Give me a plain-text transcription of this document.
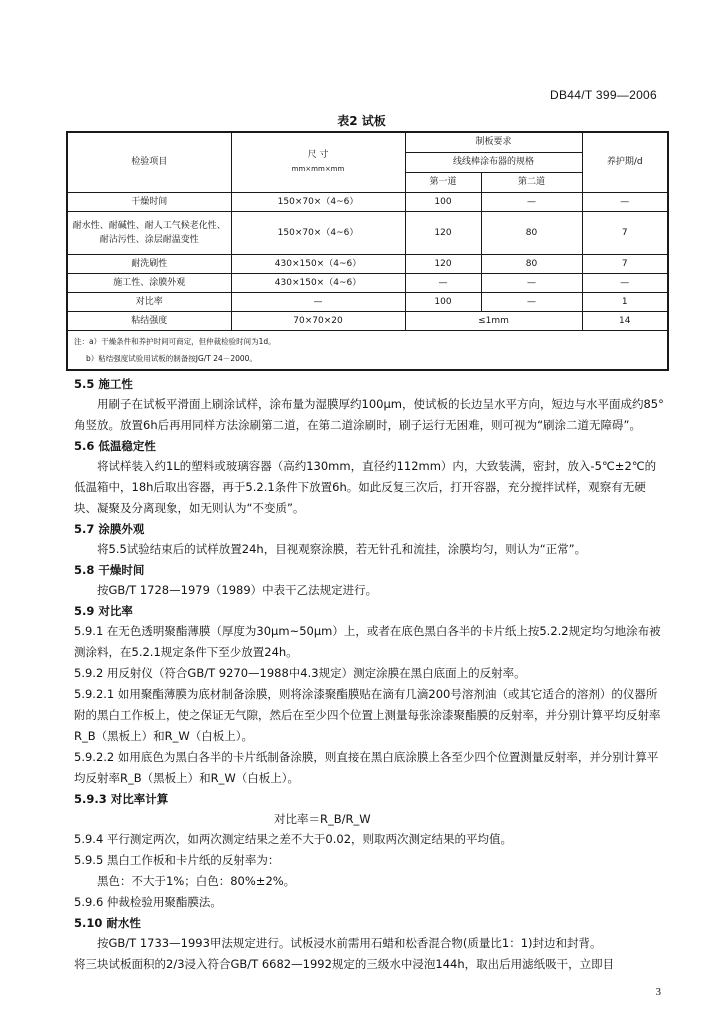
DB44/T 399—2006
表2 试板
检验项目	尺 寸
mm×mm×mm	制板要求		养护期/d
		线线棒涂布器的规格		
		第一道	第二道	
干燥时间	150×70×（4~6）	100	—	—
耐水性、耐碱性、耐人工气候老化性、耐沾污性、涂层耐温变性	150×70×（4~6）	120	80	7
耐洗刷性	430×150×（4~6）	120	80	7
施工性、涂膜外观	430×150×（4~6）	—	—	—
对比率	—	100	—	1
粘结强度	70×70×20	≤1mm		14

注：a）干燥条件和养护时间可商定，但仲裁检验时间为1d。
b）粘结强度试验用试板的制备按JG/T 24－2000。				

5.5 施工性

用刷子在试板平滑面上刷涂试样，涂布量为湿膜厚约100μm，使试板的长边呈水平方向，短边与水平面成约85°角竖放。放置6h后再用同样方法涂刷第二道，在第二道涂刷时，刷子运行无困难，则可视为“刷涂二道无障碍”。

5.6 低温稳定性

将试样装入约1L的塑料或玻璃容器（高约130mm，直径约112mm）内，大致装满，密封，放入-5℃±2℃的低温箱中，18h后取出容器，再于5.2.1条件下放置6h。如此反复三次后，打开容器，充分搅拌试样，观察有无硬块、凝聚及分离现象，如无则认为“不变质”。

5.7 涂膜外观

将5.5试验结束后的试样放置24h，目视观察涂膜，若无针孔和流挂，涂膜均匀，则认为“正常”。

5.8 干燥时间

按GB/T 1728—1979（1989）中表干乙法规定进行。

5.9 对比率

5.9.1 在无色透明聚酯薄膜（厚度为30μm~50μm）上，或者在底色黑白各半的卡片纸上按5.2.2规定均匀地涂布被测涂料，在5.2.1规定条件下至少放置24h。

5.9.2 用反射仪（符合GB/T 9270—1988中4.3规定）测定涂膜在黑白底面上的反射率。

5.9.2.1 如用聚酯薄膜为底材制备涂膜，则将涂漆聚酯膜贴在滴有几滴200号溶剂油（或其它适合的溶剂）的仪器所附的黑白工作板上，使之保证无气隙，然后在至少四个位置上测量每张涂漆聚酯膜的反射率，并分别计算平均反射率R_B（黑板上）和R_W（白板上）。

5.9.2.2 如用底色为黑白各半的卡片纸制备涂膜，则直接在黑白底涂膜上各至少四个位置测量反射率，并分别计算平均反射率R_B（黑板上）和R_W（白板上）。

5.9.3 对比率计算

对比率＝R_B/R_W

5.9.4 平行测定两次，如两次测定结果之差不大于0.02，则取两次测定结果的平均值。

5.9.5 黑白工作板和卡片纸的反射率为：

黑色：不大于1%；白色：80%±2%。

5.9.6 仲裁检验用聚酯膜法。

5.10 耐水性

按GB/T 1733—1993甲法规定进行。试板浸水前需用石蜡和松香混合物(质量比1：1)封边和封背。

将三块试板面积的2/3浸入符合GB/T 6682—1992规定的三级水中浸泡144h，取出后用滤纸吸干，立即目

3
